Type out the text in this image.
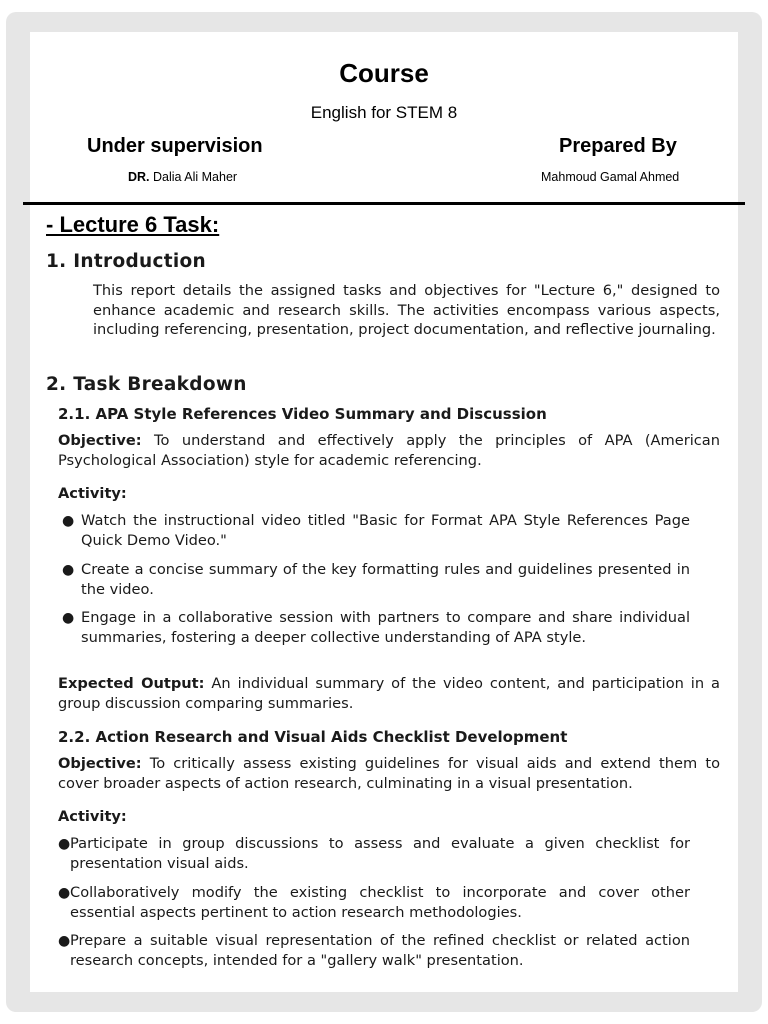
Course
English for STEM 8
Under supervision	Prepared By
DR. Dalia Ali Maher	Mahmoud Gamal Ahmed
- Lecture 6 Task:
1. Introduction
This report details the assigned tasks and objectives for "Lecture 6," designed to enhance academic and research skills. The activities encompass various aspects, including referencing, presentation, project documentation, and reflective journaling.
2. Task Breakdown
2.1. APA Style References Video Summary and Discussion
Objective: To understand and effectively apply the principles of APA (American Psychological Association) style for academic referencing.
Activity:
● Watch the instructional video titled "Basic for Format APA Style References Page Quick Demo Video."
● Create a concise summary of the key formatting rules and guidelines presented in the video.
● Engage in a collaborative session with partners to compare and share individual summaries, fostering a deeper collective understanding of APA style.
Expected Output: An individual summary of the video content, and participation in a group discussion comparing summaries.
2.2. Action Research and Visual Aids Checklist Development
Objective: To critically assess existing guidelines for visual aids and extend them to cover broader aspects of action research, culminating in a visual presentation.
Activity:
● Participate in group discussions to assess and evaluate a given checklist for presentation visual aids.
● Collaboratively modify the existing checklist to incorporate and cover other essential aspects pertinent to action research methodologies.
● Prepare a suitable visual representation of the refined checklist or related action research concepts, intended for a "gallery walk" presentation.
